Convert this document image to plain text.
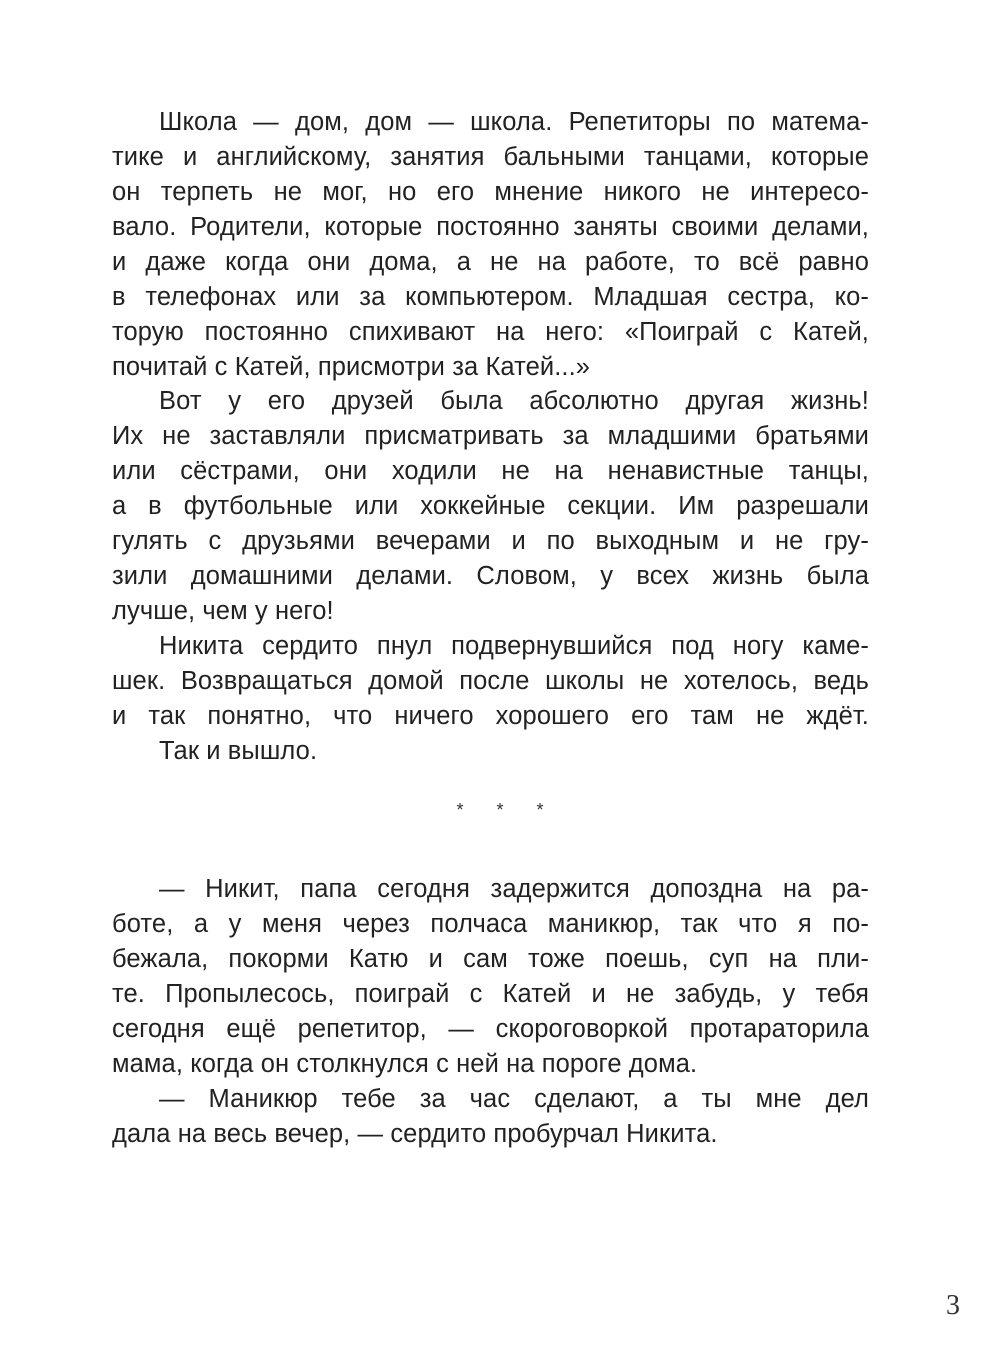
Школа — дом, дом — школа. Репетиторы по матема-
тике и английскому, занятия бальными танцами, которые
он терпеть не мог, но его мнение никого не интересо-
вало. Родители, которые постоянно заняты своими делами,
и даже когда они дома, а не на работе, то всё равно
в телефонах или за компьютером. Младшая сестра, ко-
торую постоянно спихивают на него: «Поиграй с Катей,
почитай с Катей, присмотри за Катей...»
Вот у его друзей была абсолютно другая жизнь!
Их не заставляли присматривать за младшими братьями
или сёстрами, они ходили не на ненавистные танцы,
а в футбольные или хоккейные секции. Им разрешали
гулять с друзьями вечерами и по выходным и не гру-
зили домашними делами. Словом, у всех жизнь была
лучше, чем у него!
Никита сердито пнул подвернувшийся под ногу каме-
шек. Возвращаться домой после школы не хотелось, ведь
и так понятно, что ничего хорошего его там не ждёт.
Так и вышло.
* * *
— Никит, папа сегодня задержится допоздна на ра-
боте, а у меня через полчаса маникюр, так что я по-
бежала, покорми Катю и сам тоже поешь, суп на пли-
те. Пропылесось, поиграй с Катей и не забудь, у тебя
сегодня ещё репетитор, — скороговоркой протараторила
мама, когда он столкнулся с ней на пороге дома.
— Маникюр тебе за час сделают, а ты мне дел
дала на весь вечер, — сердито пробурчал Никита.
3
